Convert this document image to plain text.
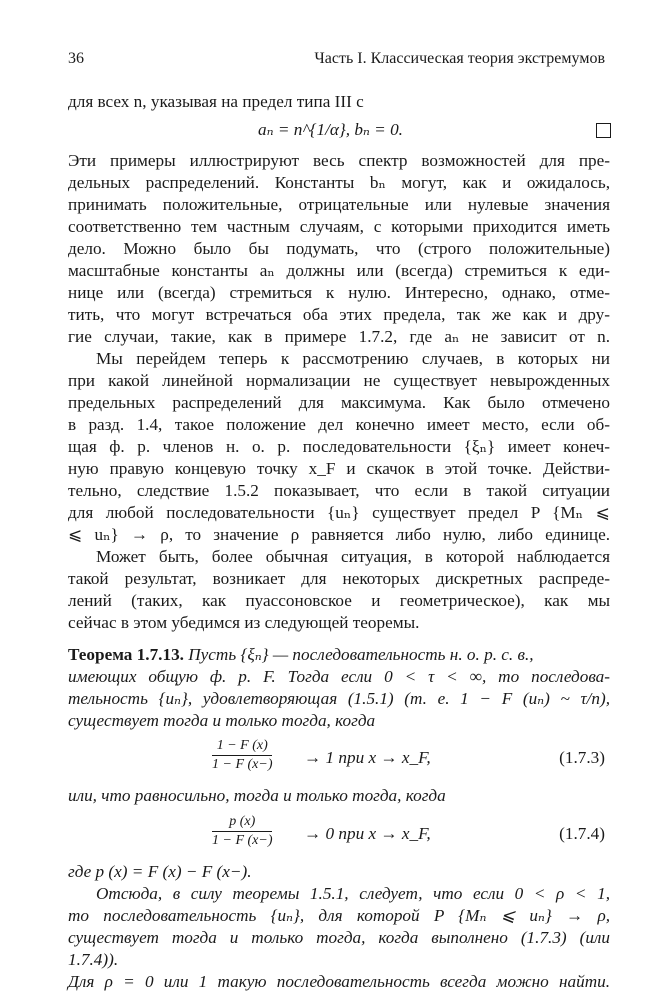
36	Часть I. Классическая теория экстремумов
для всех n, указывая на предел типа III с
aₙ = n^{1/α}, bₙ = 0.
Эти примеры иллюстрируют весь спектр возможностей для пре-
дельных распределений. Константы bₙ могут, как и ожидалось,
принимать положительные, отрицательные или нулевые значения
соответственно тем частным случаям, с которыми приходится иметь
дело. Можно было бы подумать, что (строго положительные)
масштабные константы aₙ должны или (всегда) стремиться к еди-
нице или (всегда) стремиться к нулю. Интересно, однако, отме-
тить, что могут встречаться оба этих предела, так же как и дру-
гие случаи, такие, как в примере 1.7.2, где aₙ не зависит от n.
Мы перейдем теперь к рассмотрению случаев, в которых ни
при какой линейной нормализации не существует невырожденных
предельных распределений для максимума. Как было отмечено
в разд. 1.4, такое положение дел конечно имеет место, если об-
щая ф. р. членов н. о. р. последовательности {ξₙ} имеет конеч-
ную правую концевую точку x_F и скачок в этой точке. Действи-
тельно, следствие 1.5.2 показывает, что если в такой ситуации
для любой последовательности {uₙ} существует предел P {Mₙ ⩽
⩽ uₙ} → ρ, то значение ρ равняется либо нулю, либо единице.
Может быть, более обычная ситуация, в которой наблюдается
такой результат, возникает для некоторых дискретных распреде-
лений (таких, как пуассоновское и геометрическое), как мы
сейчас в этом убедимся из следующей теоремы.
Теорема 1.7.13. Пусть {ξₙ} — последовательность н. о. р. с. в.,
имеющих общую ф. р. F. Тогда если 0 < τ < ∞, то последова-
тельность {uₙ}, удовлетворяющая (1.5.1) (т. е. 1 − F (uₙ) ~ τ/n),
существует тогда и только тогда, когда
$\frac{1 - F (x)}{1 - F (x-)} \to 1$ при x → x_F,	(1.7.3)
или, что равносильно, тогда и только тогда, когда
$\frac{p (x)}{1 - F (x-)} \to 0$ при x → x_F,	(1.7.4)
где p (x) = F (x) − F (x−).
Отсюда, в силу теоремы 1.5.1, следует, что если 0 < ρ < 1,
то последовательность {uₙ}, для которой P {Mₙ ⩽ uₙ} → ρ,
существует тогда и только тогда, когда выполнено (1.7.3) (или
1.7.4)).
Для ρ = 0 или 1 такую последовательность всегда можно найти.
